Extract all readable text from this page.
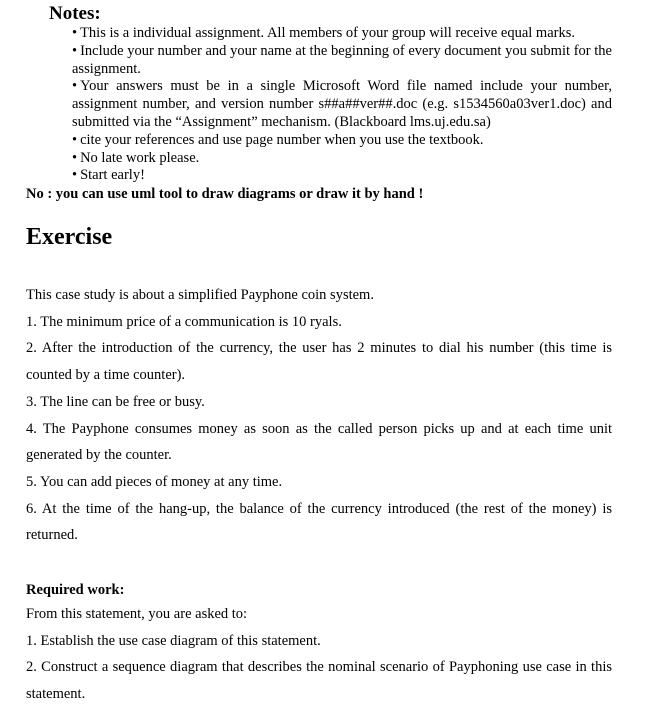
Notes:
• This is a individual assignment. All members of your group will receive equal marks.
• Include your number and your name at the beginning of every document you submit for the assignment.
• Your answers must be in a single Microsoft Word file named include your number, assignment number, and version number s##a##ver##.doc (e.g. s1534560a03ver1.doc) and submitted via the “Assignment” mechanism. (Blackboard lms.uj.edu.sa)
• cite your references and use page number when you use the textbook.
• No late work please.
• Start early!
No : you can use uml tool to draw diagrams or draw it by hand !
Exercise

This case study is about a simplified Payphone coin system.

1. The minimum price of a communication is 10 ryals.

2. After the introduction of the currency, the user has 2 minutes to dial his number (this time is counted by a time counter).

3. The line can be free or busy.

4. The Payphone consumes money as soon as the called person picks up and at each time unit generated by the counter.

5. You can add pieces of money at any time.

6. At the time of the hang-up, the balance of the currency introduced (the rest of the money) is returned.

Required work:

From this statement, you are asked to:

1. Establish the use case diagram of this statement.

2. Construct a sequence diagram that describes the nominal scenario of Payphoning use case in this statement.
